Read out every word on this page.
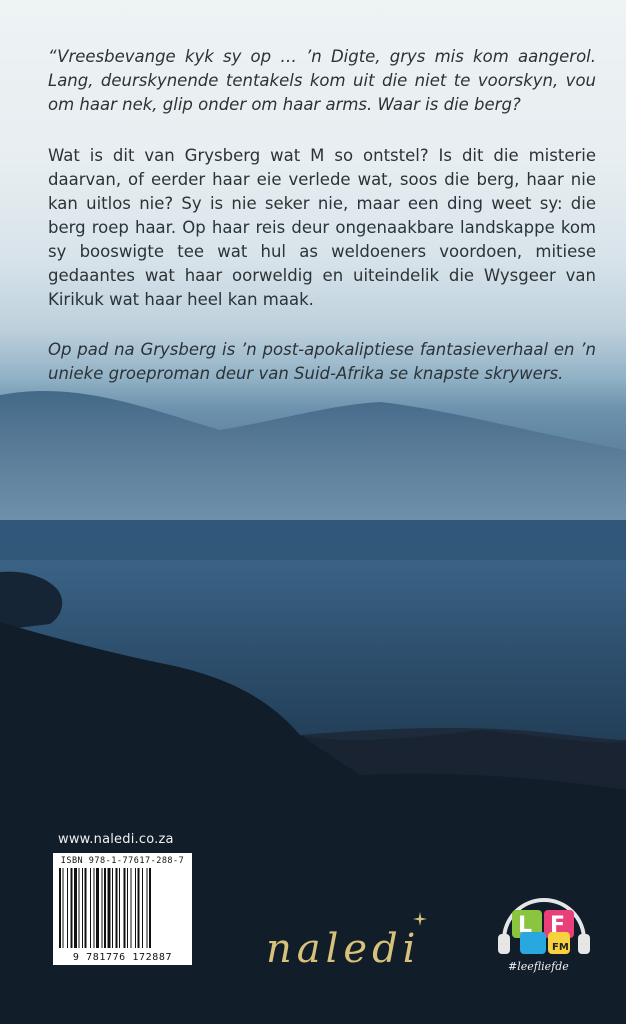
“Vreesbevange kyk sy op … ’n Digte, grys mis kom aangerol. Lang, deurskynende tentakels kom uit die niet te voorskyn, vou om haar nek, glip onder om haar arms. Waar is die berg?

Wat is dit van Grysberg wat M so ontstel? Is dit die misterie daarvan, of eerder haar eie verlede wat, soos die berg, haar nie kan uitlos nie? Sy is nie seker nie, maar een ding weet sy: die berg roep haar. Op haar reis deur ongenaakbare landskappe kom sy booswigte tee wat hul as weldoeners voordoen, mitiese gedaantes wat haar oorweldig en uiteindelik die Wysgeer van Kirikuk wat haar heel kan maak.

Op pad na Grysberg is ’n post-apokaliptiese fantasieverhaal en ’n unieke groeproman deur van Suid-Afrika se knapste skrywers.

www.naledi.co.za
ISBN 978-1-77617-288-7
9 781776 172887	naledi
L F
FM
#leefliefde
